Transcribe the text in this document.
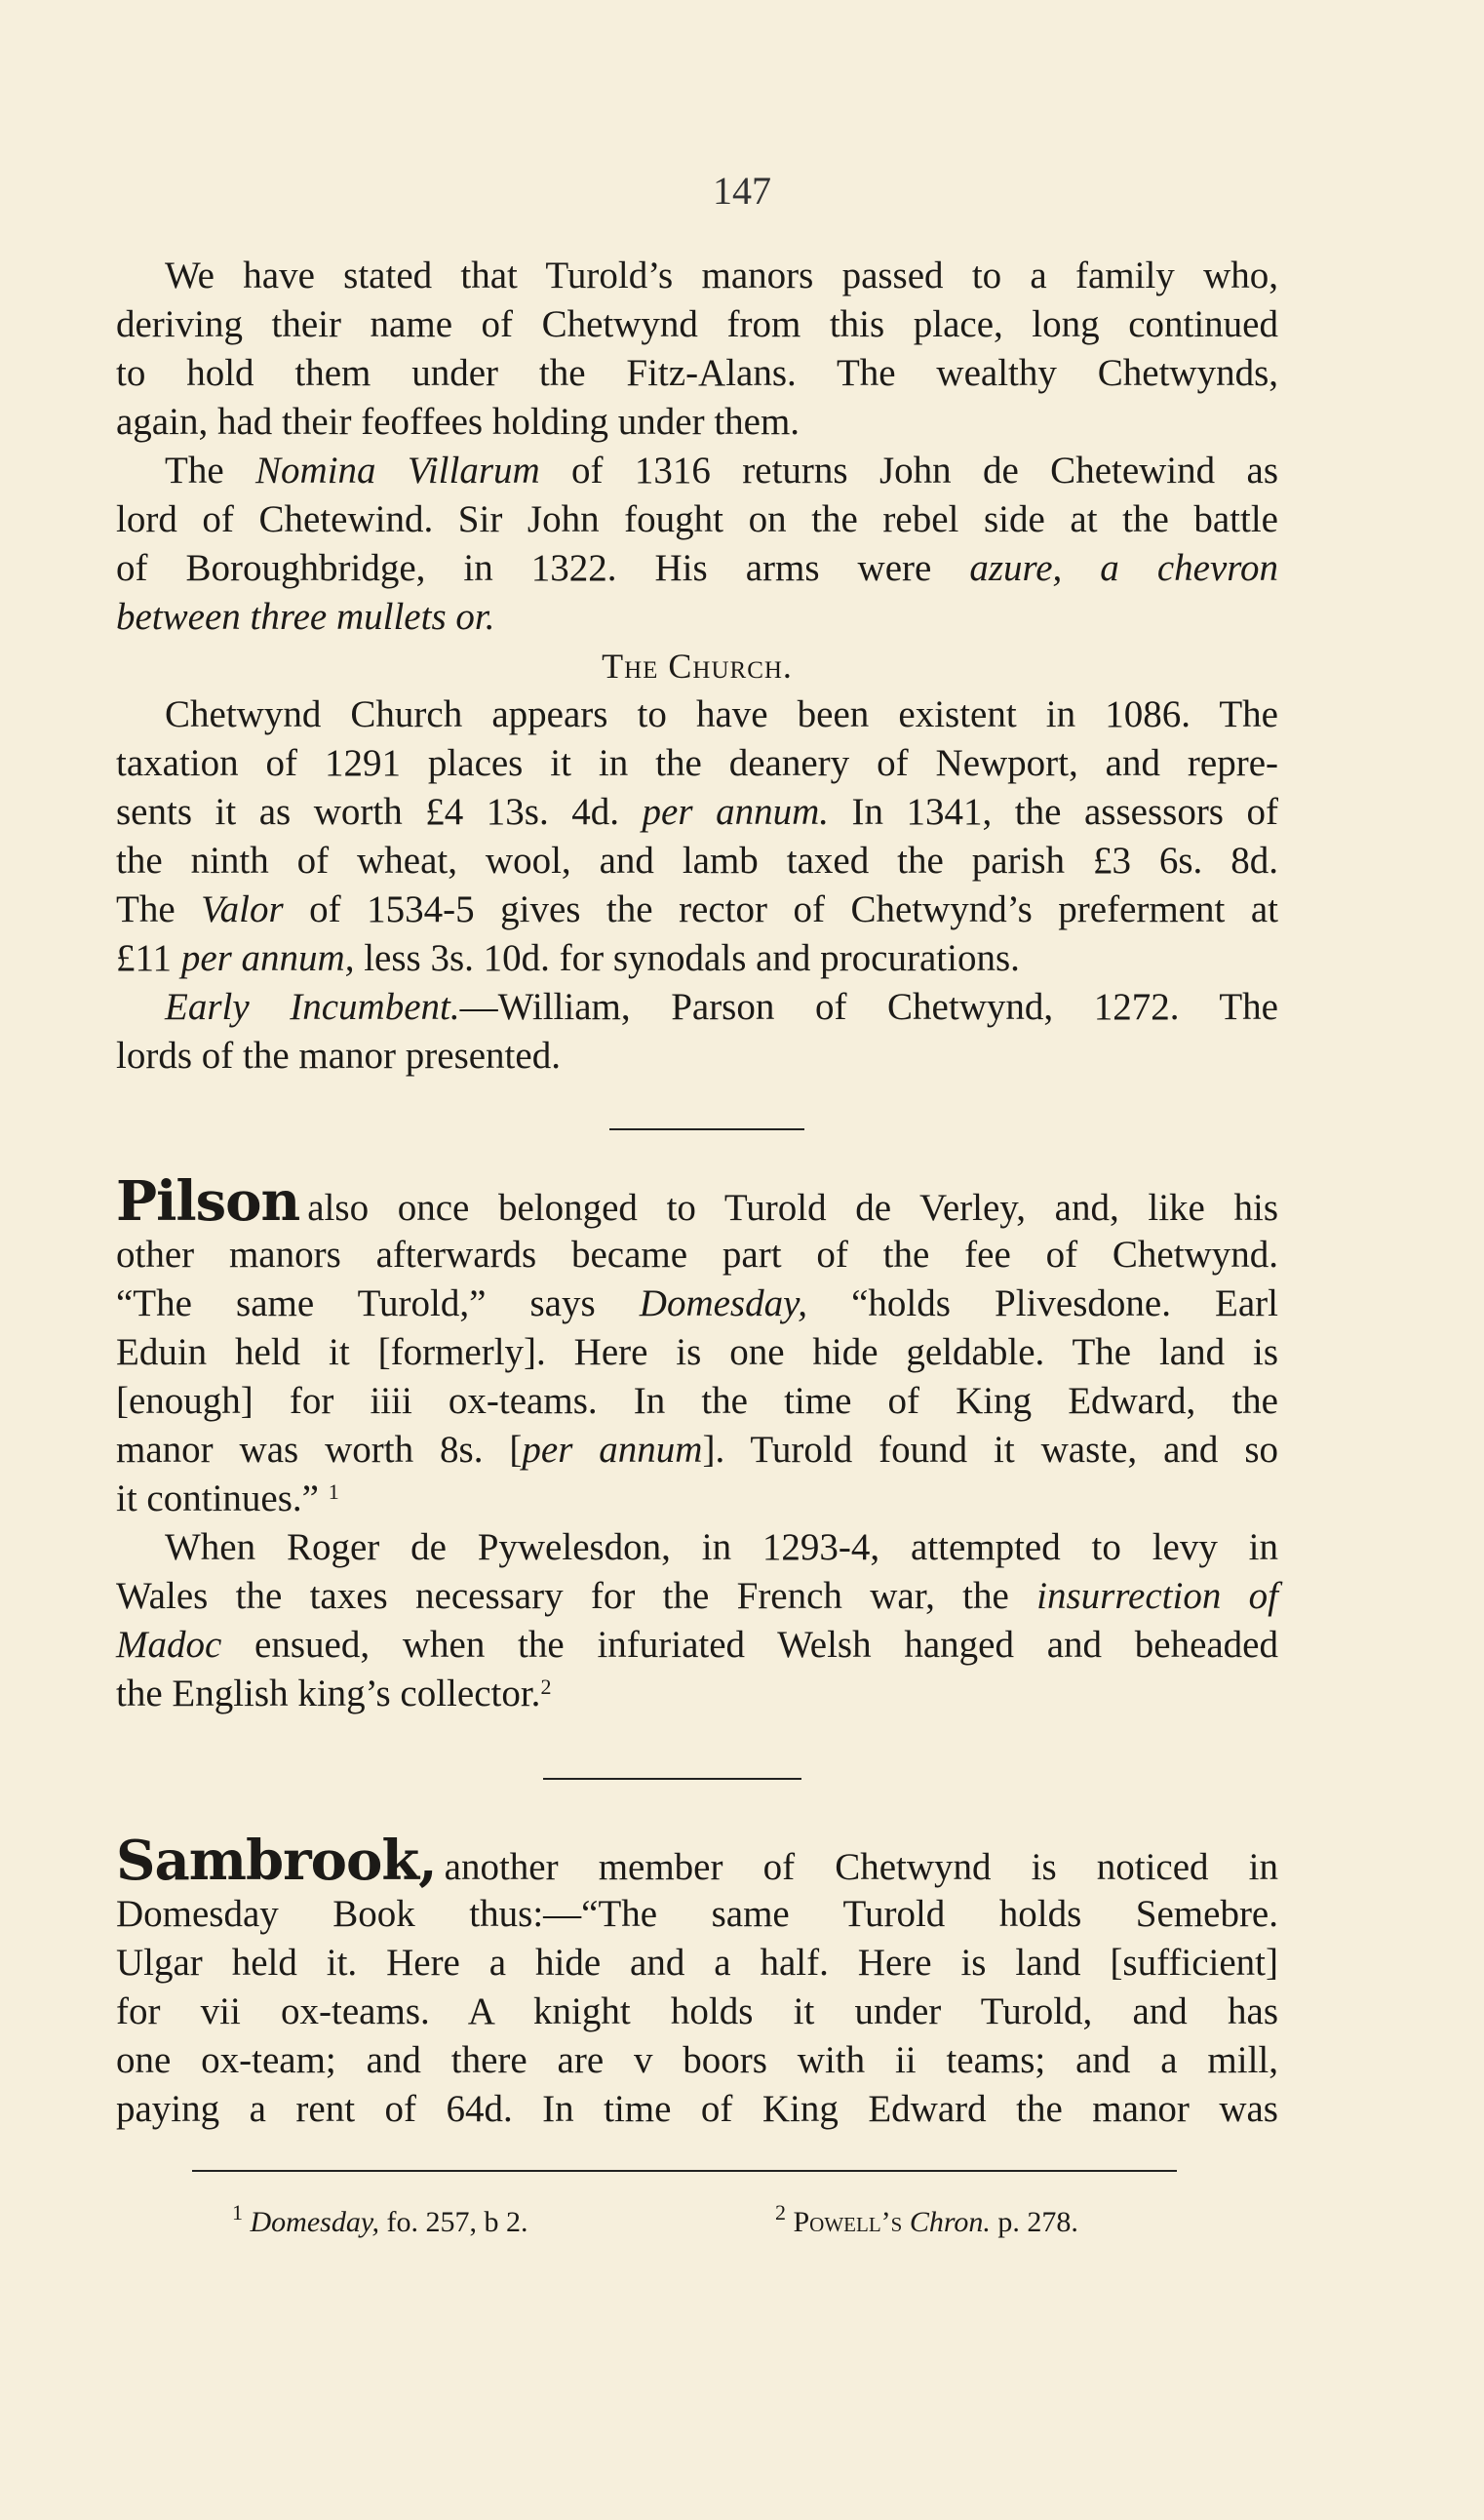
147
We have stated that Turold’s manors passed to a family who,
deriving their name of Chetwynd from this place, long continued
to hold them under the Fitz-Alans. The wealthy Chetwynds,
again, had their feoffees holding under them.
The Nomina Villarum of 1316 returns John de Chetewind as
lord of Chetewind. Sir John fought on the rebel side at the battle
of Boroughbridge, in 1322. His arms were azure, a chevron
between three mullets or.
The Church.
Chetwynd Church appears to have been existent in 1086. The
taxation of 1291 places it in the deanery of Newport, and repre-
sents it as worth £4 13s. 4d. per annum. In 1341, the assessors of
the ninth of wheat, wool, and lamb taxed the parish £3 6s. 8d.
The Valor of 1534-5 gives the rector of Chetwynd’s preferment at
£11 per annum, less 3s. 10d. for synodals and procurations.
Early Incumbent.—William, Parson of Chetwynd, 1272. The
lords of the manor presented.
Pilson also once belonged to Turold de Verley, and, like his
other manors afterwards became part of the fee of Chetwynd.
“The same Turold,” says Domesday, “holds Plivesdone. Earl
Eduin held it [formerly]. Here is one hide geldable. The land is
[enough] for iiii ox-teams. In the time of King Edward, the
manor was worth 8s. [per annum]. Turold found it waste, and so
it continues.” $^1$
When Roger de Pywelesdon, in 1293-4, attempted to levy in
Wales the taxes necessary for the French war, the insurrection of
Madoc ensued, when the infuriated Welsh hanged and beheaded
the English king’s collector.$^2$
Sambrook, another member of Chetwynd is noticed in
Domesday Book thus:—“The same Turold holds Semebre.
Ulgar held it. Here a hide and a half. Here is land [sufficient]
for vii ox-teams. A knight holds it under Turold, and has
one ox-team; and there are v boors with ii teams; and a mill,
paying a rent of 64d. In time of King Edward the manor was
$^1$ Domesday, fo. 257, b 2.	$^2$ Powell’s Chron. p. 278.
